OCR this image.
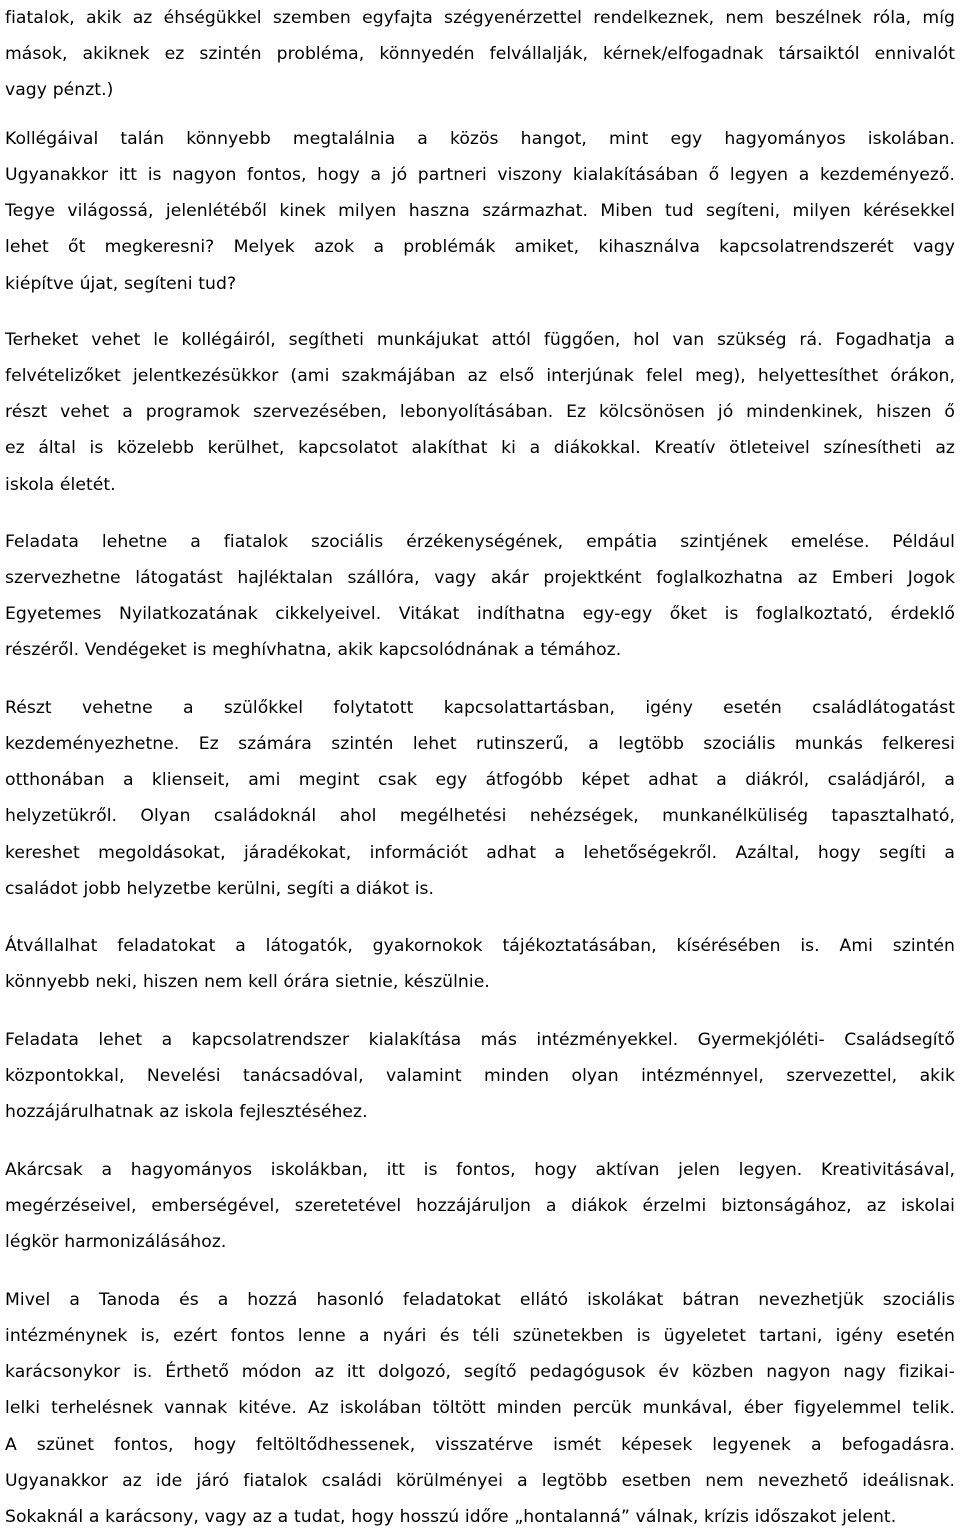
fiatalok, akik az éhségükkel szemben egyfajta szégyenérzettel rendelkeznek, nem beszélnek róla, míg
mások, akiknek ez szintén probléma, könnyedén felvállalják, kérnek/elfogadnak társaiktól ennivalót
vagy pénzt.)
Kollégáival talán könnyebb megtalálnia a közös hangot, mint egy hagyományos iskolában.
Ugyanakkor itt is nagyon fontos, hogy a jó partneri viszony kialakításában ő legyen a kezdeményező.
Tegye világossá, jelenlétéből kinek milyen haszna származhat. Miben tud segíteni, milyen kérésekkel
lehet őt megkeresni? Melyek azok a problémák amiket, kihasználva kapcsolatrendszerét vagy
kiépítve újat, segíteni tud?
Terheket vehet le kollégáiról, segítheti munkájukat attól függően, hol van szükség rá. Fogadhatja a
felvételizőket jelentkezésükkor (ami szakmájában az első interjúnak felel meg), helyettesíthet órákon,
részt vehet a programok szervezésében, lebonyolításában. Ez kölcsönösen jó mindenkinek, hiszen ő
ez által is közelebb kerülhet, kapcsolatot alakíthat ki a diákokkal. Kreatív ötleteivel színesítheti az
iskola életét.
Feladata lehetne a fiatalok szociális érzékenységének, empátia szintjének emelése. Például
szervezhetne látogatást hajléktalan szállóra, vagy akár projektként foglalkozhatna az Emberi Jogok
Egyetemes Nyilatkozatának cikkelyeivel. Vitákat indíthatna egy-egy őket is foglalkoztató, érdeklő
részéről. Vendégeket is meghívhatna, akik kapcsolódnának a témához.
Részt vehetne a szülőkkel folytatott kapcsolattartásban, igény esetén családlátogatást
kezdeményezhetne. Ez számára szintén lehet rutinszerű, a legtöbb szociális munkás felkeresi
otthonában a klienseit, ami megint csak egy átfogóbb képet adhat a diákról, családjáról, a
helyzetükről. Olyan családoknál ahol megélhetési nehézségek, munkanélküliség tapasztalható,
kereshet megoldásokat, járadékokat, információt adhat a lehetőségekről. Azáltal, hogy segíti a
családot jobb helyzetbe kerülni, segíti a diákot is.
Átvállalhat feladatokat a látogatók, gyakornokok tájékoztatásában, kísérésében is. Ami szintén
könnyebb neki, hiszen nem kell órára sietnie, készülnie.
Feladata lehet a kapcsolatrendszer kialakítása más intézményekkel. Gyermekjóléti- Családsegítő
központokkal, Nevelési tanácsadóval, valamint minden olyan intézménnyel, szervezettel, akik
hozzájárulhatnak az iskola fejlesztéséhez.
Akárcsak a hagyományos iskolákban, itt is fontos, hogy aktívan jelen legyen. Kreativitásával,
megérzéseivel, emberségével, szeretetével hozzájáruljon a diákok érzelmi biztonságához, az iskolai
légkör harmonizálásához.
Mivel a Tanoda és a hozzá hasonló feladatokat ellátó iskolákat bátran nevezhetjük szociális
intézménynek is, ezért fontos lenne a nyári és téli szünetekben is ügyeletet tartani, igény esetén
karácsonykor is. Érthető módon az itt dolgozó, segítő pedagógusok év közben nagyon nagy fizikai-
lelki terhelésnek vannak kitéve. Az iskolában töltött minden percük munkával, éber figyelemmel telik.
A szünet fontos, hogy feltöltődhessenek, visszatérve ismét képesek legyenek a befogadásra.
Ugyanakkor az ide járó fiatalok családi körülményei a legtöbb esetben nem nevezhető ideálisnak.
Sokaknál a karácsony, vagy az a tudat, hogy hosszú időre „hontalanná” válnak, krízis időszakot jelent.
